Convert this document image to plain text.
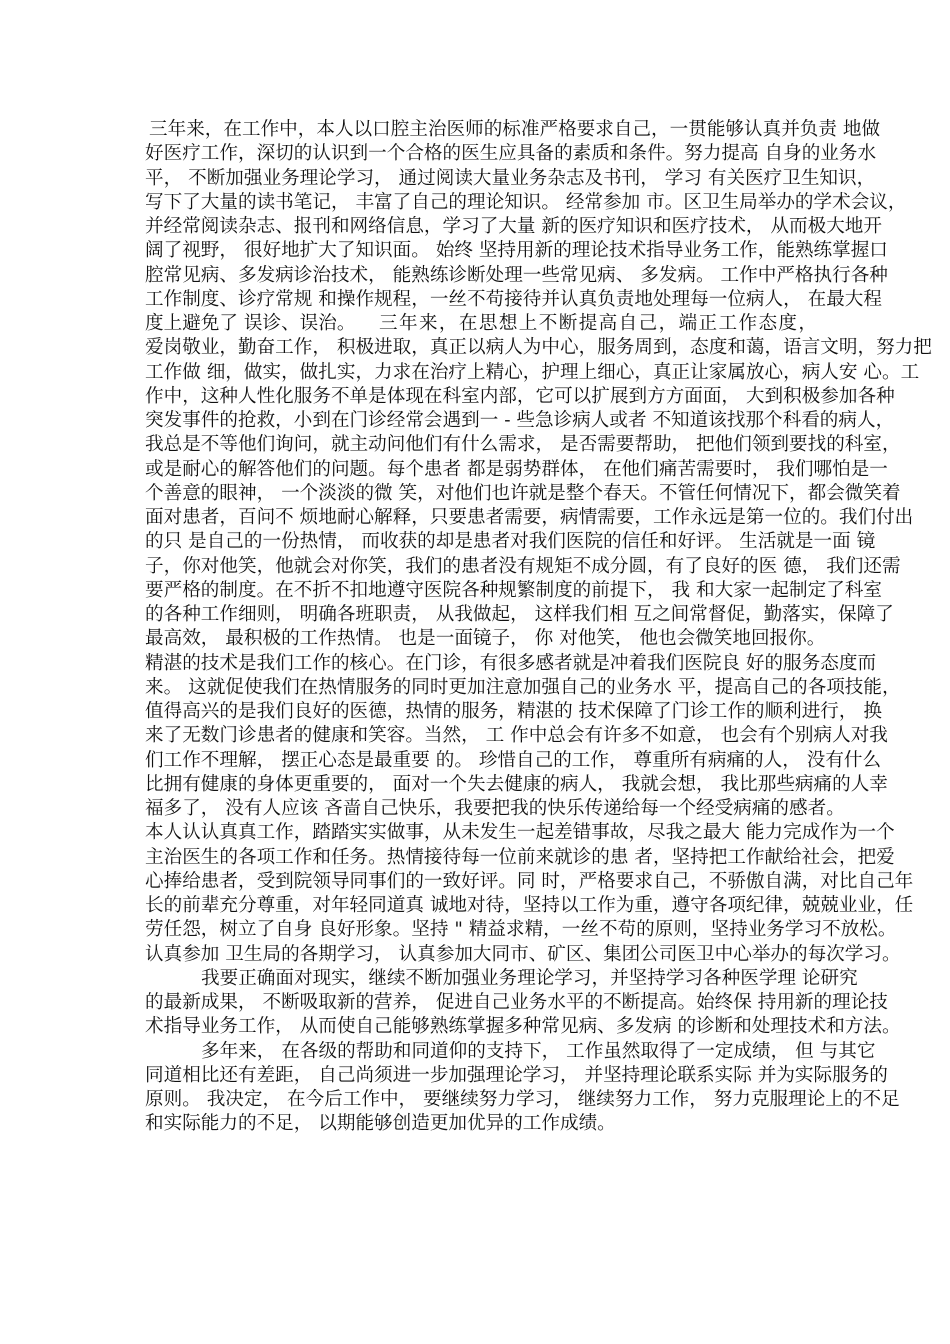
三年来，在工作中，本人以口腔主治医师的标准严格要求自己，一贯能够认真并负责 地做
好医疗工作，深切的认识到一个合格的医生应具备的素质和条件。努力提高 自身的业务水
平， 不断加强业务理论学习， 通过阅读大量业务杂志及书刊， 学习 有关医疗卫生知识，
写下了大量的读书笔记， 丰富了自己的理论知识。 经常参加 市。区卫生局举办的学术会议，
并经常阅读杂志、报刊和网络信息，学习了大量 新的医疗知识和医疗技术， 从而极大地开
阔了视野， 很好地扩大了知识面。 始终 坚持用新的理论技术指导业务工作，能熟练掌握口
腔常见病、多发病诊治技术， 能熟练诊断处理一些常见病、 多发病。 工作中严格执行各种
工作制度、诊疗常规 和操作规程，一丝不苟接待并认真负责地处理每一位病人， 在最大程
度上避免了 误诊、误治。 三年来，在思想上不断提高自己，端正工作态度，
爱岗敬业，勤奋工作， 积极进取，真正以病人为中心，服务周到，态度和蔼，语言文明，努力把
工作做 细，做实，做扎实，力求在治疗上精心，护理上细心，真正让家属放心，病人安 心。工
作中，这种人性化服务不单是体现在科室内部，它可以扩展到方方面面， 大到积极参加各种
突发事件的抢救，小到在门诊经常会遇到一 - 些急诊病人或者 不知道该找那个科看的病人，
我总是不等他们询问，就主动问他们有什么需求， 是否需要帮助， 把他们领到要找的科室，
或是耐心的解答他们的问题。每个患者 都是弱势群体， 在他们痛苦需要时， 我们哪怕是一
个善意的眼神， 一个淡淡的微 笑，对他们也许就是整个春天。不管任何情况下，都会微笑着
面对患者，百问不 烦地耐心解释，只要患者需要，病情需要，工作永远是第一位的。我们付出
的只 是自己的一份热情， 而收获的却是患者对我们医院的信任和好评。 生活就是一面 镜
子，你对他笑，他就会对你笑，我们的患者没有规矩不成分圆，有了良好的医 德， 我们还需
要严格的制度。在不折不扣地遵守医院各种规繁制度的前提下， 我 和大家一起制定了科室
的各种工作细则， 明确各班职责， 从我做起， 这样我们相 互之间常督促，勤落实，保障了
最高效， 最积极的工作热情。 也是一面镜子， 你 对他笑， 他也会微笑地回报你。
精湛的技术是我们工作的核心。在门诊，有很多感者就是冲着我们医院良 好的服务态度而
来。 这就促使我们在热情服务的同时更加注意加强自己的业务水 平，提高自己的各项技能，
值得高兴的是我们良好的医德，热情的服务，精湛的 技术保障了门诊工作的顺利进行， 换
来了无数门诊患者的健康和笑容。当然， 工 作中总会有许多不如意， 也会有个别病人对我
们工作不理解， 摆正心态是最重要 的。 珍惜自己的工作， 尊重所有病痛的人， 没有什么
比拥有健康的身体更重要的， 面对一个失去健康的病人， 我就会想， 我比那些病痛的人幸
福多了， 没有人应该 吝啬自己快乐，我要把我的快乐传递给每一个经受病痛的感者。
本人认认真真工作，踏踏实实做事，从未发生一起差错事故，尽我之最大 能力完成作为一个
主治医生的各项工作和任务。热情接待每一位前来就诊的患 者，坚持把工作献给社会，把爱
心捧给患者，受到院领导同事们的一致好评。同 时，严格要求自己，不骄傲自满，对比自己年
长的前辈充分尊重，对年轻同道真 诚地对待，坚持以工作为重，遵守各项纪律，兢兢业业，任
劳任怨，树立了自身 良好形象。坚持 " 精益求精，一丝不苟的原则，坚持业务学习不放松。
认真参加 卫生局的各期学习， 认真参加大同市、矿区、集团公司医卫中心举办的每次学习。
我要正确面对现实，继续不断加强业务理论学习，并坚持学习各种医学理 论研究
的最新成果， 不断吸取新的营养， 促进自己业务水平的不断提高。始终保 持用新的理论技
术指导业务工作， 从而使自己能够熟练掌握多种常见病、多发病 的诊断和处理技术和方法。
多年来， 在各级的帮助和同道仰的支持下， 工作虽然取得了一定成绩， 但 与其它
同道相比还有差距， 自己尚须进一步加强理论学习， 并坚持理论联系实际 并为实际服务的
原则。 我决定， 在今后工作中， 要继续努力学习， 继续努力工作， 努力克服理论上的不足
和实际能力的不足， 以期能够创造更加优异的工作成绩。
